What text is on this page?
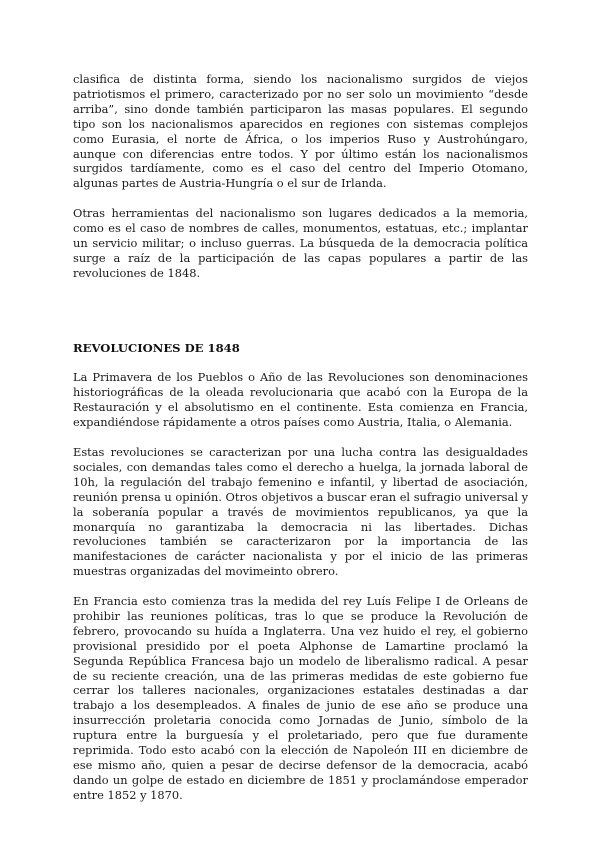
clasifica de distinta forma, siendo los nacionalismo surgidos de viejos patriotismos el primero, caracterizado por no ser solo un movimiento “desde arriba”, sino donde también participaron las masas populares. El segundo tipo son los nacionalismos aparecidos en regiones con sistemas complejos como Eurasia, el norte de África, o los imperios Ruso y Austrohúngaro, aunque con diferencias entre todos. Y por último están los nacionalismos surgidos tardíamente, como es el caso del centro del Imperio Otomano, algunas partes de Austria-Hungría o el sur de Irlanda.

Otras herramientas del nacionalismo son lugares dedicados a la memoria, como es el caso de nombres de calles, monumentos, estatuas, etc.; implantar un servicio militar; o incluso guerras. La búsqueda de la democracia política surge a raíz de la participación de las capas populares a partir de las revoluciones de 1848.

REVOLUCIONES DE 1848

La Primavera de los Pueblos o Año de las Revoluciones son denominaciones historiográficas de la oleada revolucionaria que acabó con la Europa de la Restauración y el absolutismo en el continente. Esta comienza en Francia, expandiéndose rápidamente a otros países como Austria, Italia, o Alemania.

Estas revoluciones se caracterizan por una lucha contra las desigualdades sociales, con demandas tales como el derecho a huelga, la jornada laboral de 10h, la regulación del trabajo femenino e infantil, y libertad de asociación, reunión prensa u opinión. Otros objetivos a buscar eran el sufragio universal y la soberanía popular a través de movimientos republicanos, ya que la monarquía no garantizaba la democracia ni las libertades. Dichas revoluciones también se caracterizaron por la importancia de las manifestaciones de carácter nacionalista y por el inicio de las primeras muestras organizadas del movimeinto obrero.

En Francia esto comienza tras la medida del rey Luís Felipe I de Orleans de prohibir las reuniones políticas, tras lo que se produce la Revolución de febrero, provocando su huída a Inglaterra. Una vez huido el rey, el gobierno provisional presidido por el poeta Alphonse de Lamartine proclamó la Segunda República Francesa bajo un modelo de liberalismo radical. A pesar de su reciente creación, una de las primeras medidas de este gobierno fue cerrar los talleres nacionales, organizaciones estatales destinadas a dar trabajo a los desempleados. A finales de junio de ese año se produce una insurrección proletaria conocida como Jornadas de Junio, símbolo de la ruptura entre la burguesía y el proletariado, pero que fue duramente reprimida. Todo esto acabó con la elección de Napoleón III en diciembre de ese mismo año, quien a pesar de decirse defensor de la democracia, acabó dando un golpe de estado en diciembre de 1851 y proclamándose emperador entre 1852 y 1870.
